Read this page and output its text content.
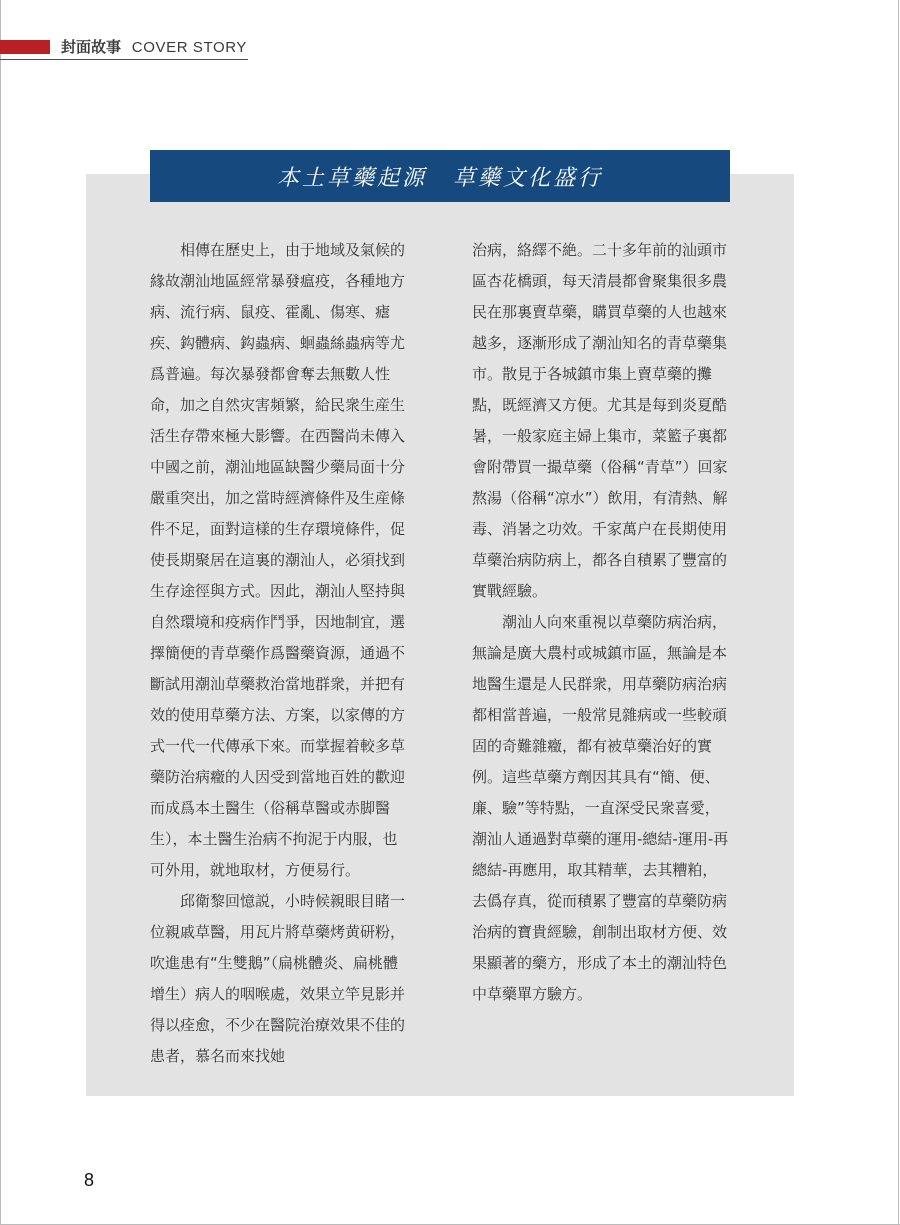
封面故事 COVER STORY
本土草藥起源 草藥文化盛行

相傳在歷史上，由于地域及氣候的緣故潮汕地區經常暴發瘟疫，各種地方病、流行病、鼠疫、霍亂、傷寒、瘧疾、鈎體病、鈎蟲病、蛔蟲絲蟲病等尤爲普遍。每次暴發都會奪去無數人性命，加之自然灾害頻繁，給民衆生産生活生存帶來極大影響。在西醫尚未傳入中國之前，潮汕地區缺醫少藥局面十分嚴重突出，加之當時經濟條件及生産條件不足，面對這樣的生存環境條件，促使長期聚居在這裏的潮汕人，必須找到生存途徑與方式。因此，潮汕人堅持與自然環境和疫病作鬥爭，因地制宜，選擇簡便的青草藥作爲醫藥資源，通過不斷試用潮汕草藥救治當地群衆，并把有效的使用草藥方法、方案，以家傳的方式一代一代傳承下來。而掌握着較多草藥防治病癥的人因受到當地百姓的歡迎而成爲本土醫生（俗稱草醫或赤脚醫生），本土醫生治病不拘泥于内服，也可外用，就地取材，方便易行。

邱衛黎回憶説，小時候親眼目睹一位親戚草醫，用瓦片將草藥烤黄研粉，吹進患有“生雙鵝”（扁桃體炎、扁桃體增生）病人的咽喉處，效果立竿見影并得以痊愈，不少在醫院治療效果不佳的患者，慕名而來找她

治病，絡繹不絶。二十多年前的汕頭市區杏花橋頭，每天清晨都會聚集很多農民在那裏賣草藥，購買草藥的人也越來越多，逐漸形成了潮汕知名的青草藥集市。散見于各城鎮市集上賣草藥的攤點，既經濟又方便。尤其是每到炎夏酷暑，一般家庭主婦上集市，菜籃子裏都會附帶買一撮草藥（俗稱“青草”）回家熬湯（俗稱“凉水”）飲用，有清熱、解毒、消暑之功效。千家萬户在長期使用草藥治病防病上，都各自積累了豐富的實戰經驗。

潮汕人向來重視以草藥防病治病，無論是廣大農村或城鎮市區，無論是本地醫生還是人民群衆，用草藥防病治病都相當普遍，一般常見雜病或一些較頑固的奇難雜癥，都有被草藥治好的實例。這些草藥方劑因其具有“簡、便、廉、驗”等特點，一直深受民衆喜愛，潮汕人通過對草藥的運用-總結-運用-再總結-再應用，取其精華，去其糟粕，去僞存真，從而積累了豐富的草藥防病治病的寶貴經驗，創制出取材方便、效果顯著的藥方，形成了本土的潮汕特色中草藥單方驗方。

8
